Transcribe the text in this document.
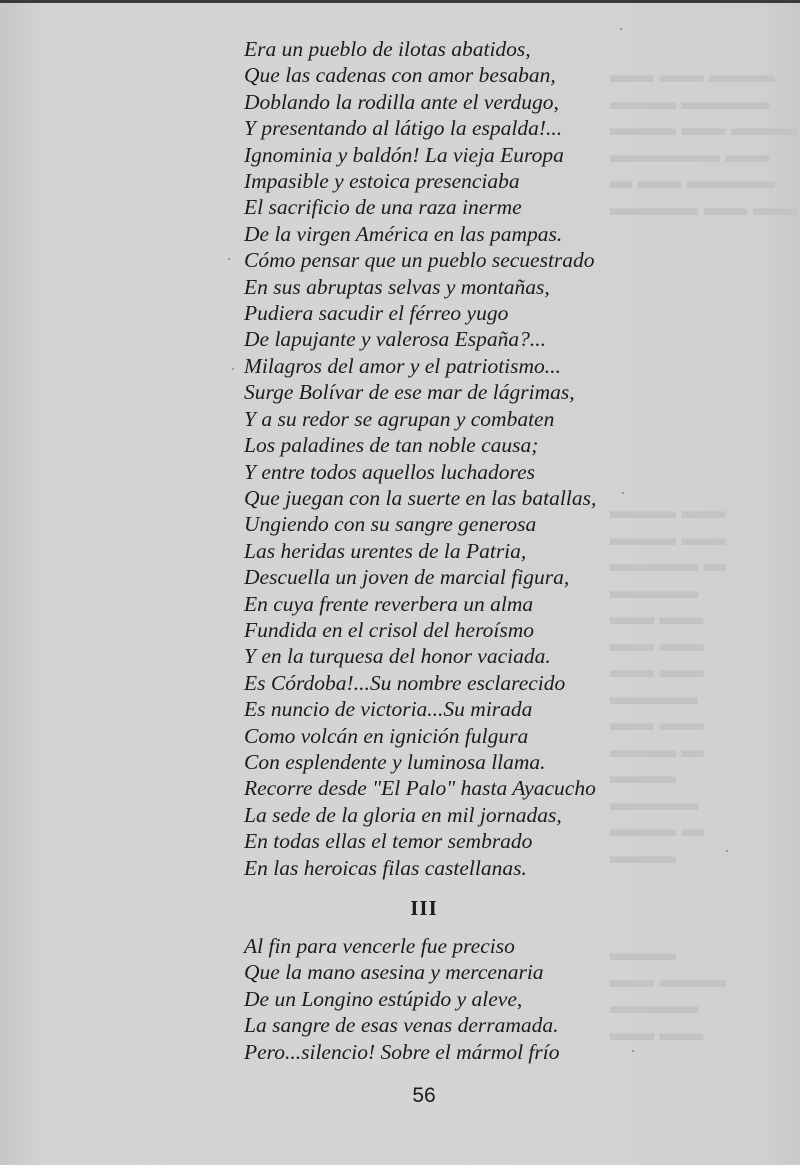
▬▬ ▬▬ ▬▬▬
▬▬▬ ▬▬▬▬
▬▬▬ ▬▬ ▬▬▬
▬▬▬▬▬ ▬▬
▬ ▬▬ ▬▬▬▬
▬▬▬▬ ▬▬ ▬▬
▬▬▬ ▬▬
▬▬▬ ▬▬
▬▬▬▬ ▬
▬▬▬▬
▬▬ ▬▬
▬▬ ▬▬
▬▬ ▬▬
▬▬▬▬
▬▬ ▬▬
▬▬▬ ▬
▬▬▬
▬▬▬▬
▬▬▬ ▬
▬▬▬
▬▬▬
▬▬ ▬▬▬
▬▬▬▬
▬▬ ▬▬
Era un pueblo de ilotas abatidos,
Que las cadenas con amor besaban,
Doblando la rodilla ante el verdugo,
Y presentando al látigo la espalda!...
Ignominia y baldón! La vieja Europa
Impasible y estoica presenciaba
El sacrificio de una raza inerme
De la virgen América en las pampas.
Cómo pensar que un pueblo secuestrado
En sus abruptas selvas y montañas,
Pudiera sacudir el férreo yugo
De lapujante y valerosa España?...
Milagros del amor y el patriotismo...
Surge Bolívar de ese mar de lágrimas,
Y a su redor se agrupan y combaten
Los paladines de tan noble causa;
Y entre todos aquellos luchadores
Que juegan con la suerte en las batallas,
Ungiendo con su sangre generosa
Las heridas urentes de la Patria,
Descuella un joven de marcial figura,
En cuya frente reverbera un alma
Fundida en el crisol del heroísmo
Y en la turquesa del honor vaciada.
Es Córdoba!...Su nombre esclarecido
Es nuncio de victoria...Su mirada
Como volcán en ignición fulgura
Con esplendente y luminosa llama.
Recorre desde "El Palo" hasta Ayacucho
La sede de la gloria en mil jornadas,
En todas ellas el temor sembrado
En las heroicas filas castellanas.
III
Al fin para vencerle fue preciso
Que la mano asesina y mercenaria
De un Longino estúpido y aleve,
La sangre de esas venas derramada.
Pero...silencio! Sobre el mármol frío
56
